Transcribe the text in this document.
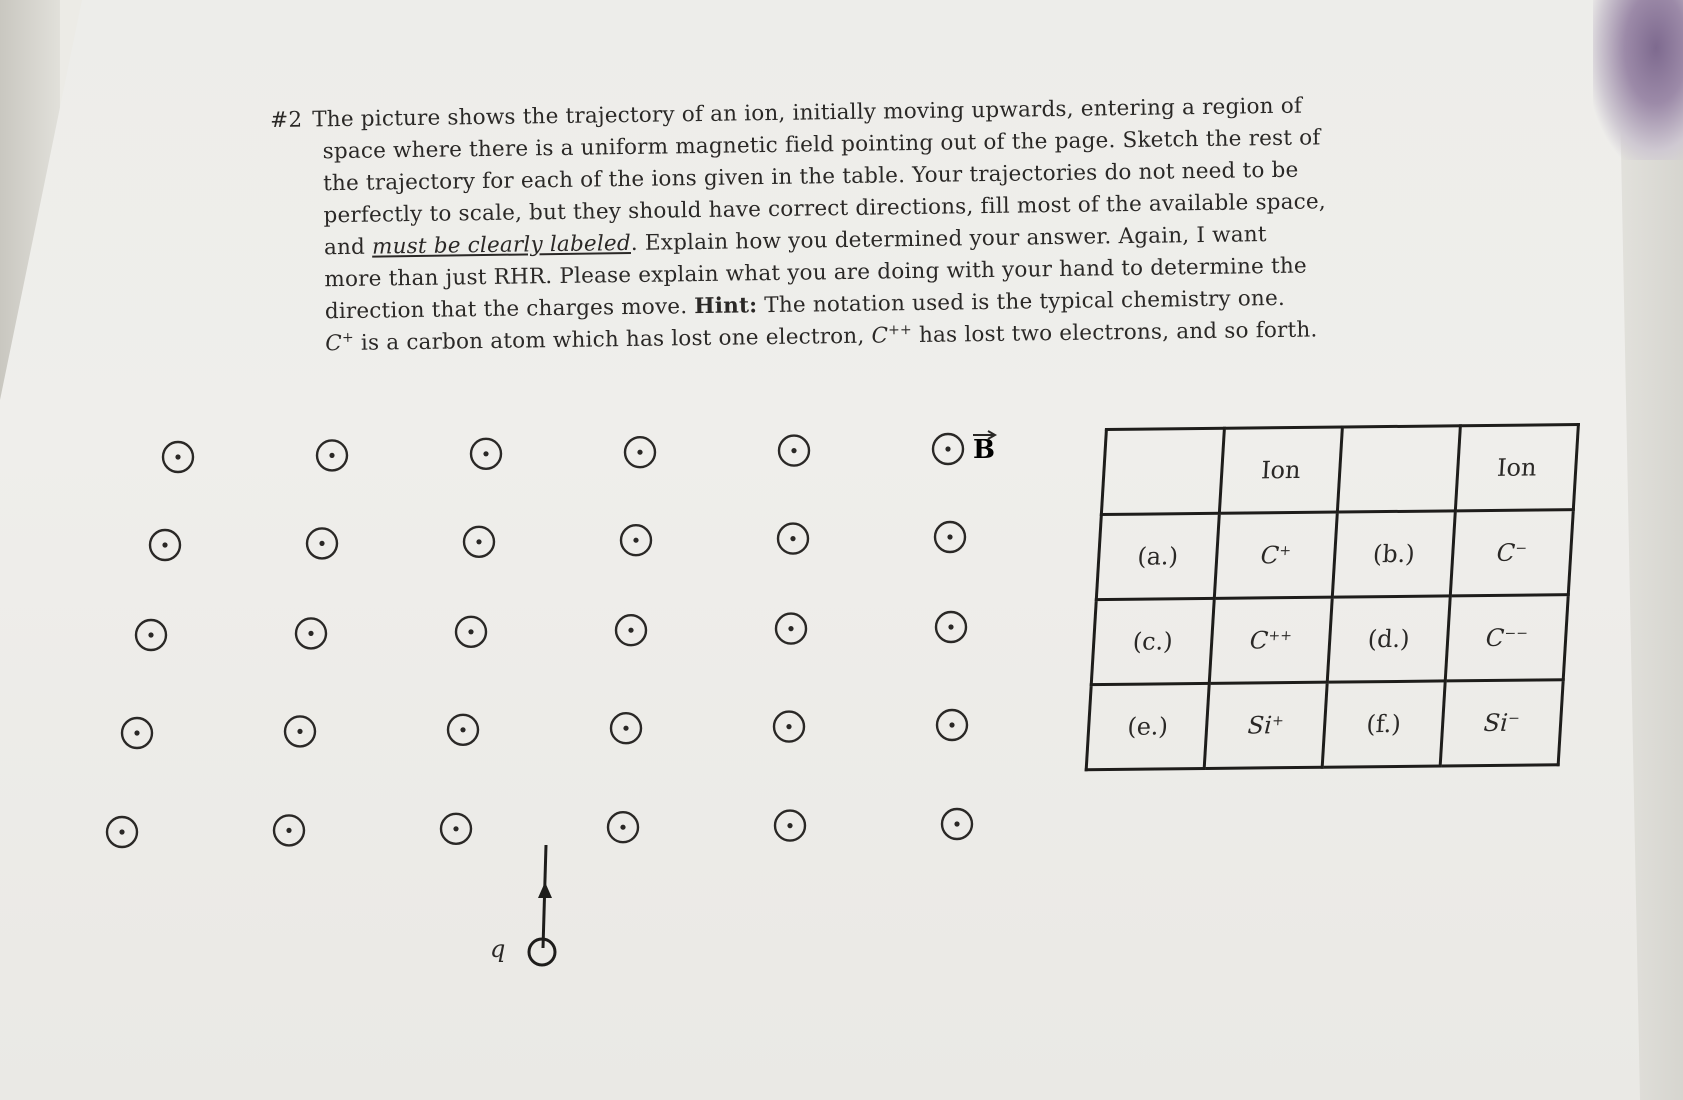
#2 The picture shows the trajectory of an ion, initially moving upwards, entering a region of
space where there is a uniform magnetic field pointing out of the page. Sketch the rest of
the trajectory for each of the ions given in the table. Your trajectories do not need to be
perfectly to scale, but they should have correct directions, fill most of the available space,
and must be clearly labeled. Explain how you determined your answer. Again, I want
more than just RHR. Please explain what you are doing with your hand to determine the
direction that the charges move. Hint: The notation used is the typical chemistry one.
C+ is a carbon atom which has lost one electron, C++ has lost two electrons, and so forth.
B
q
	Ion		Ion
(a.)	C+	(b.)	C−
(c.)	C++	(d.)	C−−
(e.)	Si+	(f.)	Si−
